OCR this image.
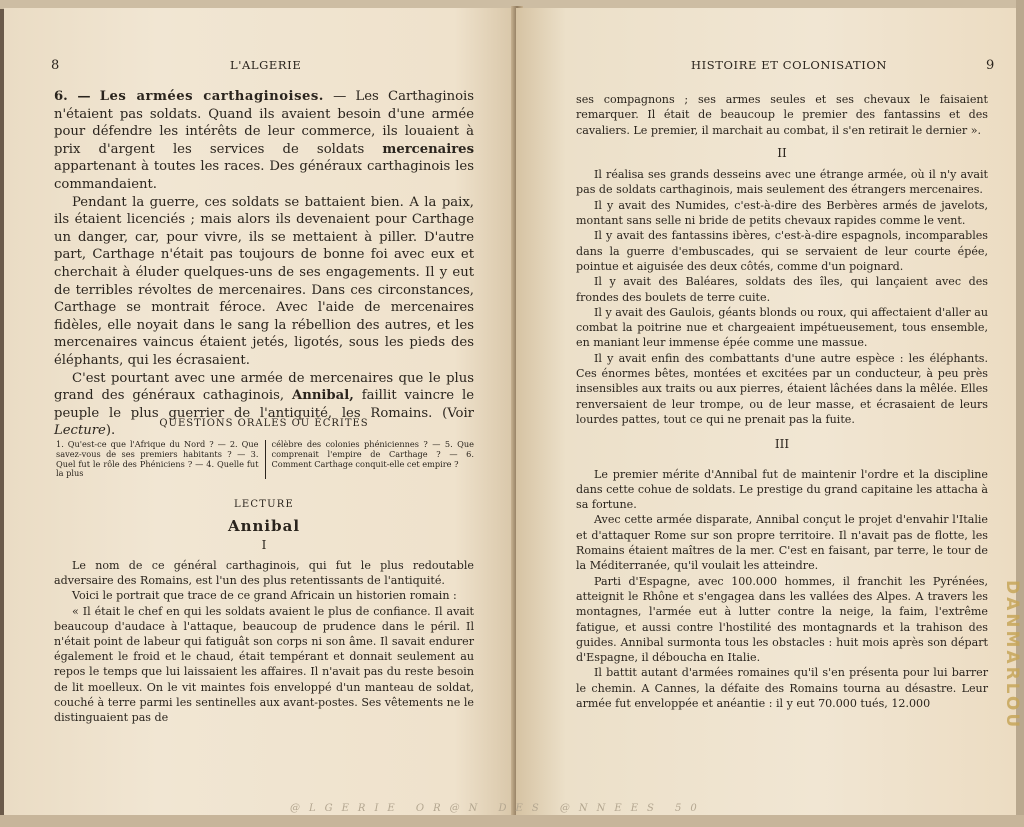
8	L'ALGERIE

6. — Les armées carthaginoises. — Les Carthaginois n'étaient pas soldats. Quand ils avaient besoin d'une armée pour défendre les intérêts de leur commerce, ils louaient à prix d'argent les services de soldats mercenaires appartenant à toutes les races. Des généraux carthaginois les commandaient.

Pendant la guerre, ces soldats se battaient bien. A la paix, ils étaient licenciés ; mais alors ils devenaient pour Carthage un danger, car, pour vivre, ils se mettaient à piller. D'autre part, Carthage n'était pas toujours de bonne foi avec eux et cherchait à éluder quelques-uns de ses engagements. Il y eut de terribles révoltes de mercenaires. Dans ces circonstances, Carthage se montrait féroce. Avec l'aide de mercenaires fidèles, elle noyait dans le sang la rébellion des autres, et les mercenaires vaincus étaient jetés, ligotés, sous les pieds des éléphants, qui les écrasaient.

C'est pourtant avec une armée de mercenaires que le plus grand des généraux cathaginois, Annibal, faillit vaincre le peuple le plus guerrier de l'antiquité, les Romains. (Voir Lecture).	QUESTIONS ORALES OU ÉCRITES
1. Qu'est-ce que l'Afrique du Nord ? — 2. Que savez-vous de ses premiers habitants ? — 3. Quel fut le rôle des Phéniciens ? — 4. Quelle fut la plus
célèbre des colonies phéniciennes ? — 5. Que comprenait l'empire de Carthage ? — 6. Comment Carthage conquit-elle cet empire ?
LECTURE
Annibal
I

Le nom de ce général carthaginois, qui fut le plus redoutable adversaire des Romains, est l'un des plus retentissants de l'antiquité.

Voici le portrait que trace de ce grand Africain un historien romain :

« Il était le chef en qui les soldats avaient le plus de confiance. Il avait beaucoup d'audace à l'attaque, beaucoup de prudence dans le péril. Il n'était point de labeur qui fatiguât son corps ni son âme. Il savait endurer également le froid et le chaud, était tempérant et donnait seulement au repos le temps que lui laissaient les affaires. Il n'avait pas du reste besoin de lit moelleux. On le vit maintes fois enveloppé d'un manteau de soldat, couché à terre parmi les sentinelles aux avant-postes. Ses vêtements ne le distinguaient pas de

HISTOIRE ET COLONISATION	9

ses compagnons ; ses armes seules et ses chevaux le faisaient remarquer. Il était de beaucoup le premier des fantassins et des cavaliers. Le premier, il marchait au combat, il s'en retirait le dernier ».

II

Il réalisa ses grands desseins avec une étrange armée, où il n'y avait pas de soldats carthaginois, mais seulement des étrangers mercenaires.

Il y avait des Numides, c'est-à-dire des Berbères armés de javelots, montant sans selle ni bride de petits chevaux rapides comme le vent.

Il y avait des fantassins ibères, c'est-à-dire espagnols, incomparables dans la guerre d'embuscades, qui se servaient de leur courte épée, pointue et aiguisée des deux côtés, comme d'un poignard.

Il y avait des Baléares, soldats des îles, qui lançaient avec des frondes des boulets de terre cuite.

Il y avait des Gaulois, géants blonds ou roux, qui affectaient d'aller au combat la poitrine nue et chargeaient impétueusement, tous ensemble, en maniant leur immense épée comme une massue.

Il y avait enfin des combattants d'une autre espèce : les éléphants. Ces énormes bêtes, montées et excitées par un conducteur, à peu près insensibles aux traits ou aux pierres, étaient lâchées dans la mêlée. Elles renversaient de leur trompe, ou de leur masse, et écrasaient de leurs lourdes pattes, tout ce qui ne prenait pas la fuite.

III

Le premier mérite d'Annibal fut de maintenir l'ordre et la discipline dans cette cohue de soldats. Le prestige du grand capitaine les attacha à sa fortune.

Avec cette armée disparate, Annibal conçut le projet d'envahir l'Italie et d'attaquer Rome sur son propre territoire. Il n'avait pas de flotte, les Romains étaient maîtres de la mer. C'est en faisant, par terre, le tour de la Méditerranée, qu'il voulait les atteindre.

Parti d'Espagne, avec 100.000 hommes, il franchit les Pyrénées, atteignit le Rhône et s'engagea dans les vallées des Alpes. A travers les montagnes, l'armée eut à lutter contre la neige, la faim, l'extrême fatigue, et aussi contre l'hostilité des montagnards et la trahison des guides. Annibal surmonta tous les obstacles : huit mois après son départ d'Espagne, il déboucha en Italie.

Il battit autant d'armées romaines qu'il s'en présenta pour lui barrer le chemin. A Cannes, la défaite des Romains tourna au désastre. Leur armée fut enveloppée et anéantie : il y eut 70.000 tués, 12.000

@LGERIE OR@N DES @NNEES 50
DANMARLOU
